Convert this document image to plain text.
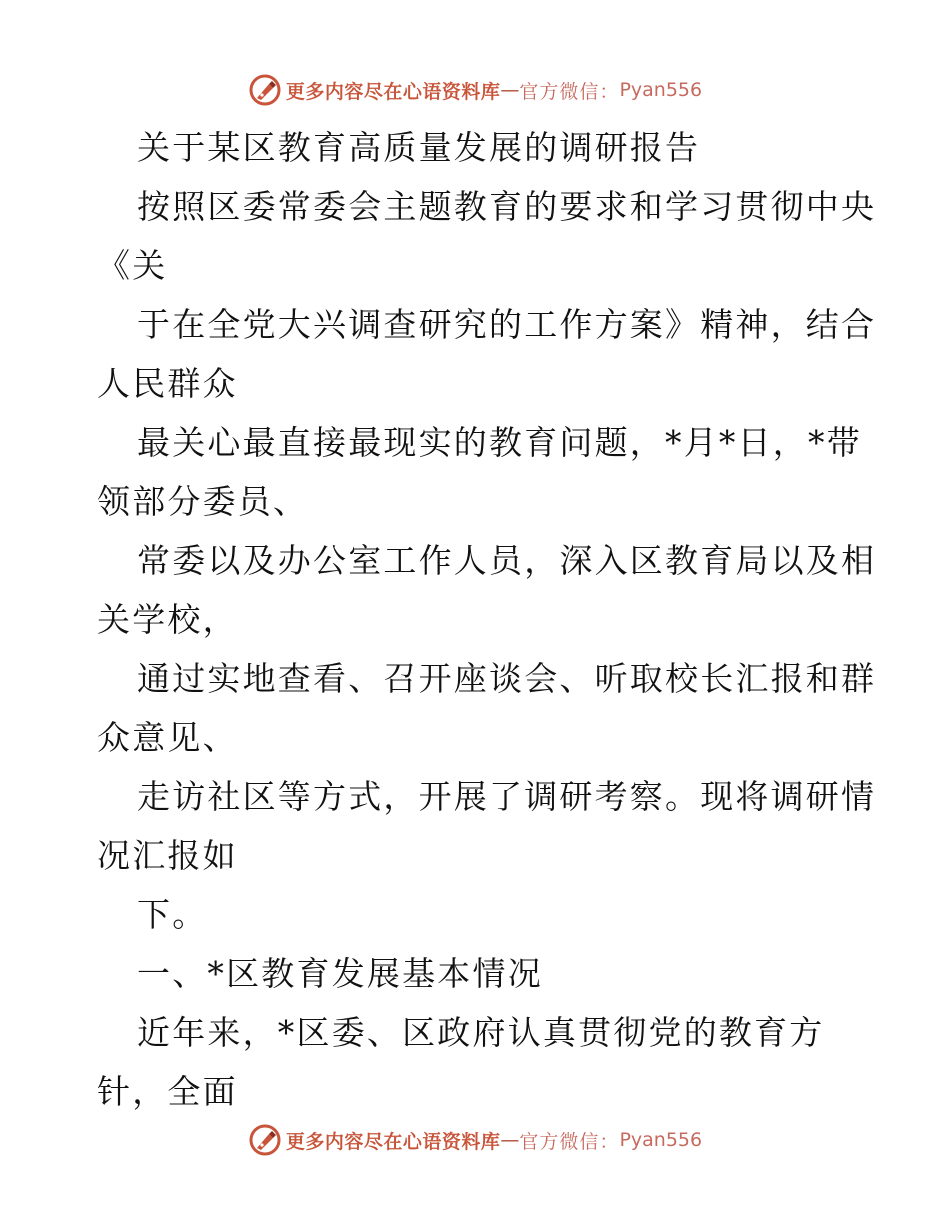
更多内容尽在心语资料库 — 官方微信： Pyan556
关于某区教育高质量发展的调研报告
按照区委常委会主题教育的要求和学习贯彻中央
《关
于在全党大兴调查研究的工作方案》精神，结合
人民群众
最关心最直接最现实的教育问题，*月*日，*带
领部分委员、
常委以及办公室工作人员，深入区教育局以及相
关学校，
通过实地查看、召开座谈会、听取校长汇报和群
众意见、
走访社区等方式，开展了调研考察。现将调研情
况汇报如
下。
一、*区教育发展基本情况
近年来，*区委、区政府认真贯彻党的教育方
针，全面
更多内容尽在心语资料库 — 官方微信： Pyan556
